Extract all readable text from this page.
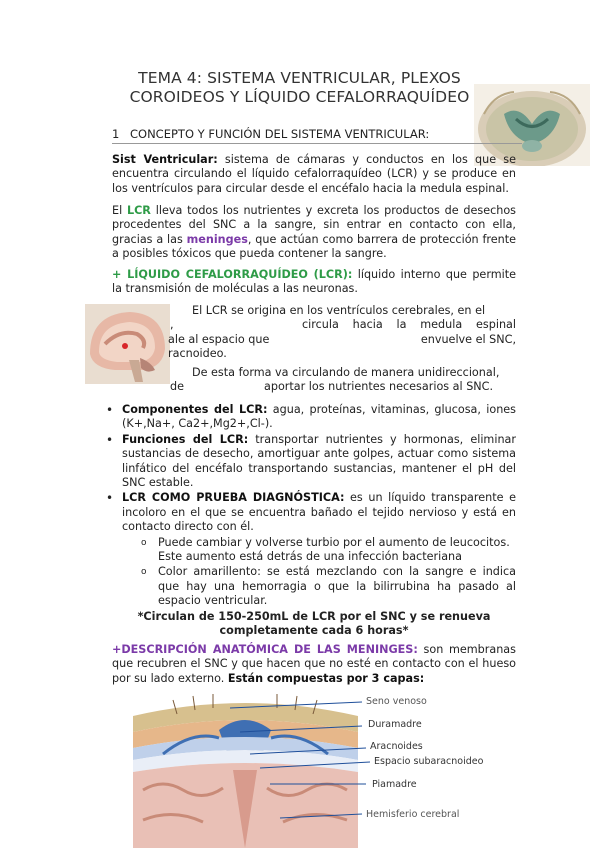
TEMA 4: SISTEMA VENTRICULAR, PLEXOS
COROIDEOS Y LÍQUIDO CEFALORRAQUÍDEO
1 CONCEPTO Y FUNCIÓN DEL SISTEMA VENTRICULAR:
Sist Ventricular: sistema de cámaras y conductos en los que se encuentra circulando el líquido cefalorraquídeo (LCR) y se produce en los ventrículos para circular desde el encéfalo hacia la medula espinal.
El LCR lleva todos los nutrientes y excreta los productos de desechos procedentes del SNC a la sangre, sin entrar en contacto con ella, gracias a las meninges, que actúan como barrera de protección frente a posibles tóxicos que pueda contener la sangre.
+ LÍQUIDO CEFALORRAQUÍDEO (LCR): líquido interno que permite la transmisión de moléculas a las neuronas.
El LCR se origina en los ventrículos cerebrales, en el
,	circula hacia la medula espinal
ale al espacio que	envuelve el SNC,
racnoideo.
De esta forma va circulando de manera unidireccional,
de	aportar los nutrientes necesarios al SNC.
• Componentes del LCR: agua, proteínas, vitaminas, glucosa, iones (K+,Na+, Ca2+,Mg2+,Cl-).
• Funciones del LCR: transportar nutrientes y hormonas, eliminar sustancias de desecho, amortiguar ante golpes, actuar como sistema linfático del encéfalo transportando sustancias, mantener el pH del SNC estable.
• LCR COMO PRUEBA DIAGNÓSTICA: es un líquido transparente e incoloro en el que se encuentra bañado el tejido nervioso y está en contacto directo con él.
o Puede cambiar y volverse turbio por el aumento de leucocitos. Este aumento está detrás de una infección bacteriana
o Color amarillento: se está mezclando con la sangre e indica que hay una hemorragia o que la bilirrubina ha pasado al espacio ventricular.
*Circulan de 150-250mL de LCR por el SNC y se renueva
completamente cada 6 horas*
+DESCRIPCIÓN ANATÓMICA DE LAS MENINGES: son membranas que recubren el SNC y que hacen que no esté en contacto con el hueso por su lado externo. Están compuestas por 3 capas:
Seno venoso
Duramadre
Aracnoides
Espacio subaracnoideo
Piamadre
Hemisferio cerebral
